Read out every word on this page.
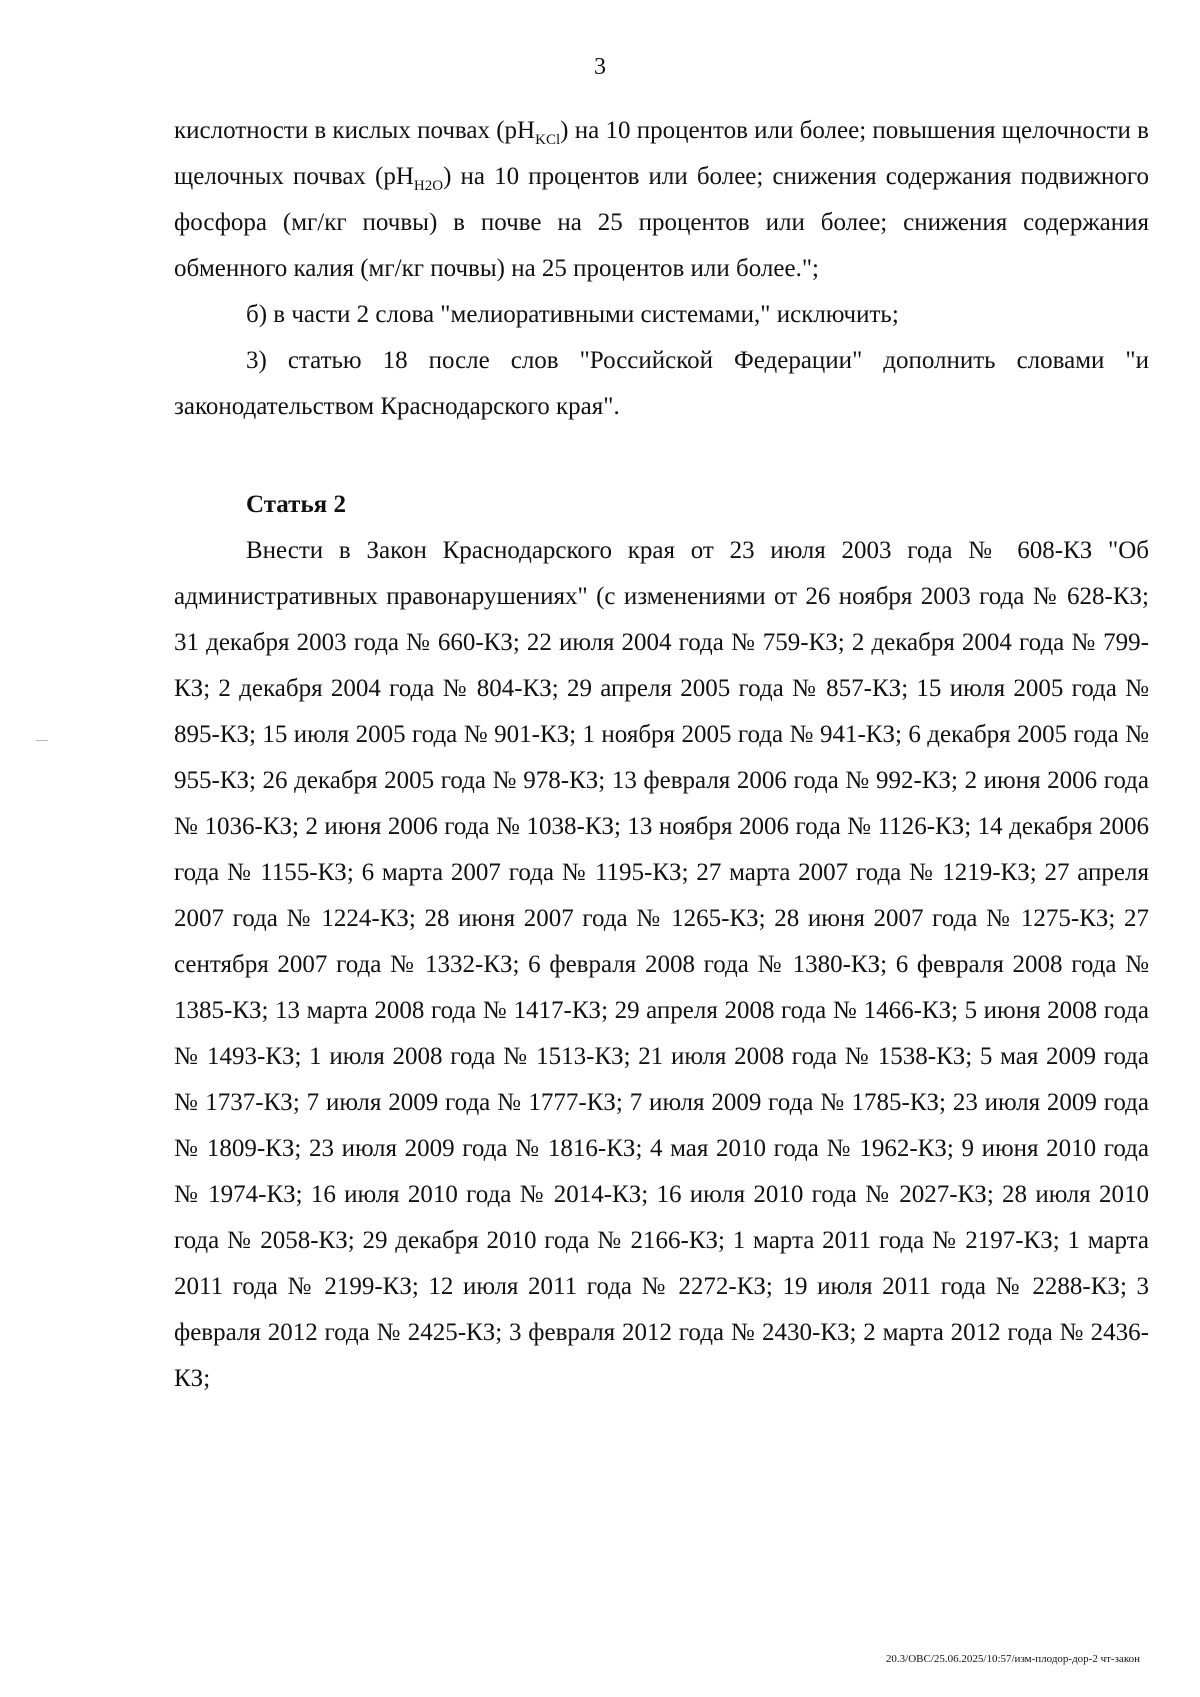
3

кислотности в кислых почвах $(pH_{KCl})$ на 10 процентов или более; повышения щелочности в щелочных почвах $(pH_{H2O})$ на 10 процентов или более; снижения содержания подвижного фосфора (мг/кг почвы) в почве на 25 процентов или более; снижения содержания обменного калия (мг/кг почвы) на 25 процентов или более.";

б) в части 2 слова "мелиоративными системами," исключить;

3) статью 18 после слов "Российской Федерации" дополнить словами "и законодательством Краснодарского края".

Статья 2

Внести в Закон Краснодарского края от 23 июля 2003 года № 608-КЗ "Об административных правонарушениях" (с изменениями от 26 ноября 2003 года № 628-КЗ; 31 декабря 2003 года № 660-КЗ; 22 июля 2004 года № 759-КЗ; 2 декабря 2004 года № 799-КЗ; 2 декабря 2004 года № 804-КЗ; 29 апреля 2005 года № 857-КЗ; 15 июля 2005 года № 895-КЗ; 15 июля 2005 года № 901-КЗ; 1 ноября 2005 года № 941-КЗ; 6 декабря 2005 года № 955-КЗ; 26 декабря 2005 года № 978-КЗ; 13 февраля 2006 года № 992-КЗ; 2 июня 2006 года № 1036-КЗ; 2 июня 2006 года № 1038-КЗ; 13 ноября 2006 года № 1126-КЗ; 14 декабря 2006 года № 1155-КЗ; 6 марта 2007 года № 1195-КЗ; 27 марта 2007 года № 1219-КЗ; 27 апреля 2007 года № 1224-КЗ; 28 июня 2007 года № 1265-КЗ; 28 июня 2007 года № 1275-КЗ; 27 сентября 2007 года № 1332-КЗ; 6 февраля 2008 года № 1380-КЗ; 6 февраля 2008 года № 1385-КЗ; 13 марта 2008 года № 1417-КЗ; 29 апреля 2008 года № 1466-КЗ; 5 июня 2008 года № 1493-КЗ; 1 июля 2008 года № 1513-КЗ; 21 июля 2008 года № 1538-КЗ; 5 мая 2009 года № 1737-КЗ; 7 июля 2009 года № 1777-КЗ; 7 июля 2009 года № 1785-КЗ; 23 июля 2009 года № 1809-КЗ; 23 июля 2009 года № 1816-КЗ; 4 мая 2010 года № 1962-КЗ; 9 июня 2010 года № 1974-КЗ; 16 июля 2010 года № 2014-КЗ; 16 июля 2010 года № 2027-КЗ; 28 июля 2010 года № 2058-КЗ; 29 декабря 2010 года № 2166-КЗ; 1 марта 2011 года № 2197-КЗ; 1 марта 2011 года № 2199-КЗ; 12 июля 2011 года № 2272-КЗ; 19 июля 2011 года № 2288-КЗ; 3 февраля 2012 года № 2425-КЗ; 3 февраля 2012 года № 2430-КЗ; 2 марта 2012 года № 2436-КЗ;

20.3/ОВС/25.06.2025/10:57/изм-плодор-дор-2 чт-закон
